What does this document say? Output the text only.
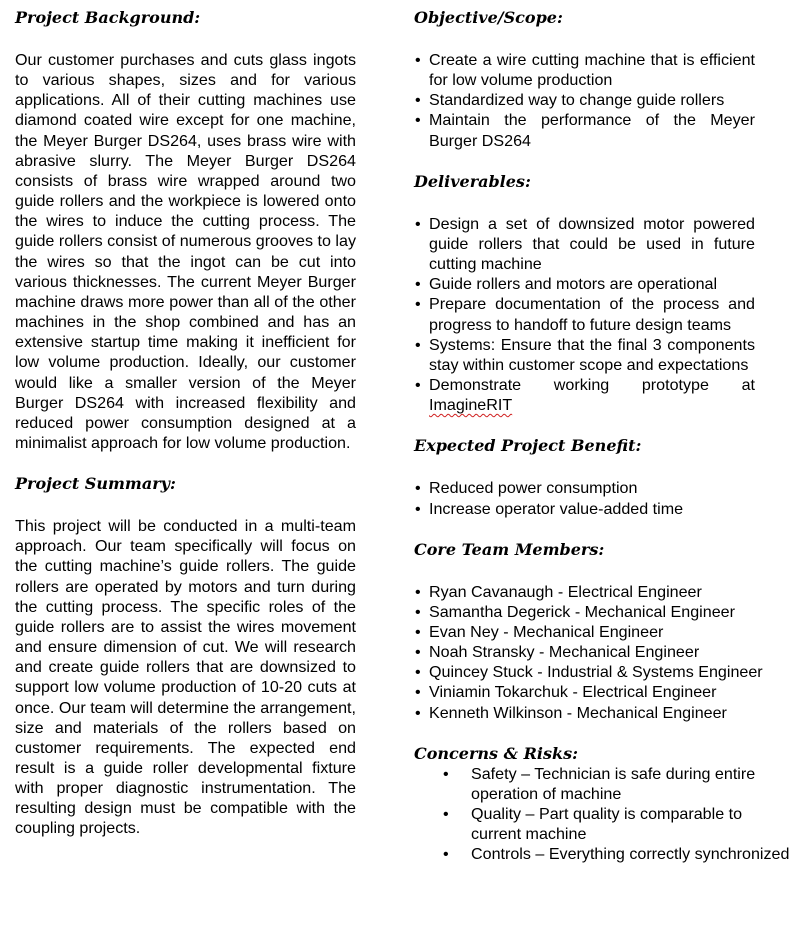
Project Background:

Our customer purchases and cuts glass ingots to various shapes, sizes and for various applications. All of their cutting machines use diamond coated wire except for one machine, the Meyer Burger DS264, uses brass wire with abrasive slurry. The Meyer Burger DS264 consists of brass wire wrapped around two guide rollers and the workpiece is lowered onto the wires to induce the cutting process. The guide rollers consist of numerous grooves to lay the wires so that the ingot can be cut into various thicknesses. The current Meyer Burger machine draws more power than all of the other machines in the shop combined and has an extensive startup time making it inefficient for low volume production. Ideally, our customer would like a smaller version of the Meyer Burger DS264 with increased flexibility and reduced power consumption designed at a minimalist approach for low volume production.

Project Summary:

This project will be conducted in a multi-team approach. Our team specifically will focus on the cutting machine’s guide rollers. The guide rollers are operated by motors and turn during the cutting process. The specific roles of the guide rollers are to assist the wires movement and ensure dimension of cut. We will research and create guide rollers that are downsized to support low volume production of 10-20 cuts at once. Our team will determine the arrangement, size and materials of the rollers based on customer requirements. The expected end result is a guide roller developmental fixture with proper diagnostic instrumentation. The resulting design must be compatible with the coupling projects.

Objective/Scope:
• Create a wire cutting machine that is efficient for low volume production
• Standardized way to change guide rollers
• Maintain the performance of the Meyer Burger DS264
Deliverables:
• Design a set of downsized motor powered guide rollers that could be used in future cutting machine
• Guide rollers and motors are operational
• Prepare documentation of the process and progress to handoff to future design teams
• Systems: Ensure that the final 3 components stay within customer scope and expectations
• Demonstrate working prototype at ImagineRIT
Expected Project Benefit:
• Reduced power consumption
• Increase operator value-added time
Core Team Members:
• Ryan Cavanaugh - Electrical Engineer
• Samantha Degerick - Mechanical Engineer
• Evan Ney - Mechanical Engineer
• Noah Stransky - Mechanical Engineer
• Quincey Stuck - Industrial & Systems Engineer
• Viniamin Tokarchuk - Electrical Engineer
• Kenneth Wilkinson - Mechanical Engineer
Concerns & Risks:
• Safety – Technician is safe during entire operation of machine
• Quality – Part quality is comparable to current machine
• Controls – Everything correctly synchronized
